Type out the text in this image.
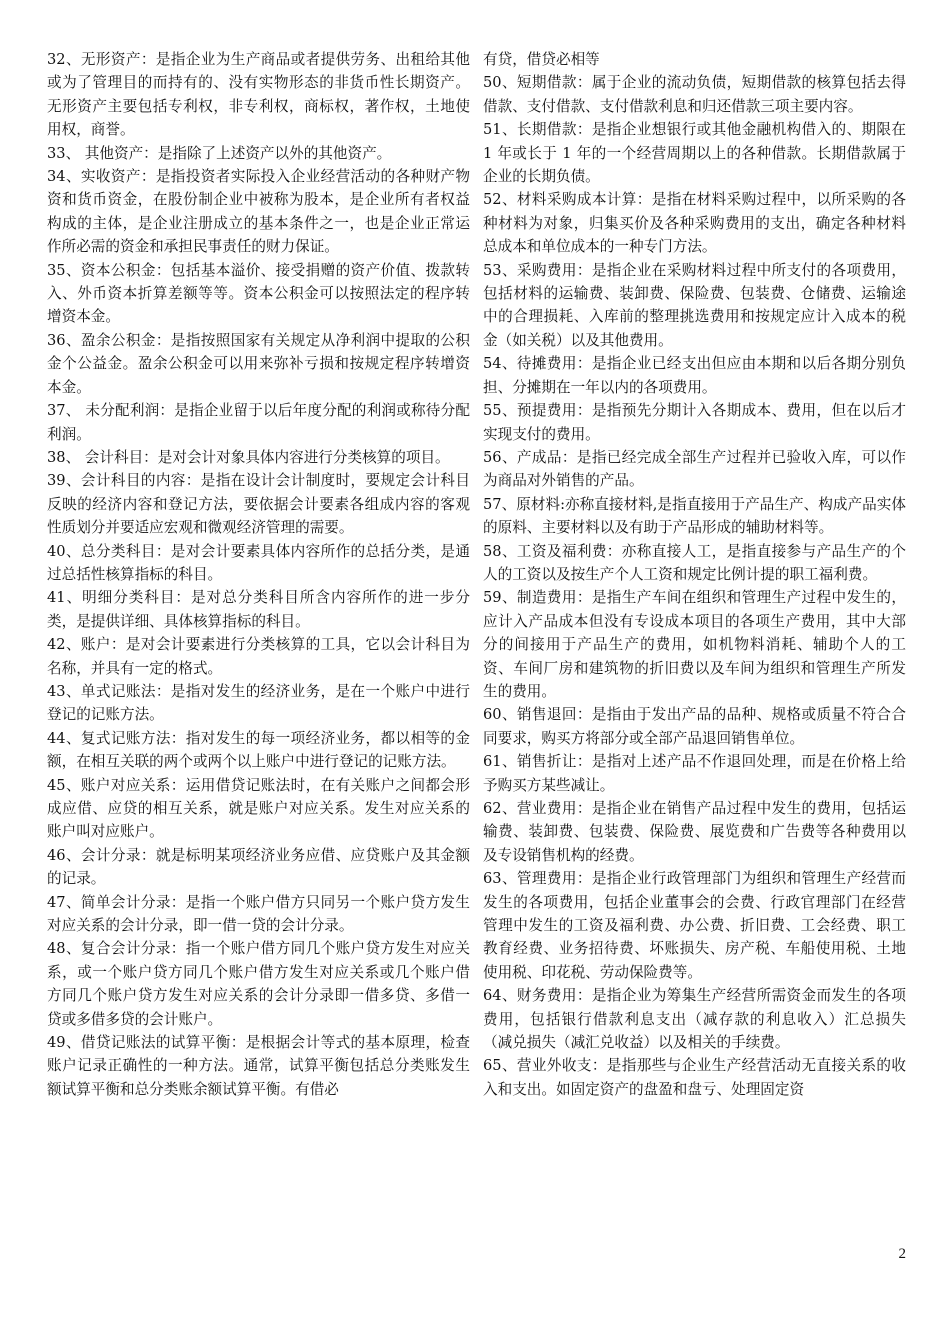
32、无形资产：是指企业为生产商品或者提供劳务、出租给其他或为了管理目的而持有的、没有实物形态的非货币性长期资产。无形资产主要包括专利权，非专利权，商标权，著作权，土地使用权，商誉。

33、 其他资产：是指除了上述资产以外的其他资产。

34、实收资产：是指投资者实际投入企业经营活动的各种财产物资和货币资金，在股份制企业中被称为股本，是企业所有者权益构成的主体，是企业注册成立的基本条件之一，也是企业正常运作所必需的资金和承担民事责任的财力保证。

35、资本公积金：包括基本溢价、接受捐赠的资产价值、拨款转入、外币资本折算差额等等。资本公积金可以按照法定的程序转增资本金。

36、盈余公积金：是指按照国家有关规定从净利润中提取的公积金个公益金。盈余公积金可以用来弥补亏损和按规定程序转增资本金。

37、 未分配利润：是指企业留于以后年度分配的利润或称待分配利润。

38、 会计科目：是对会计对象具体内容进行分类核算的项目。

39、会计科目的内容：是指在设计会计制度时，要规定会计科目反映的经济内容和登记方法，要依据会计要素各组成内容的客观性质划分并要适应宏观和微观经济管理的需要。

40、总分类科目：是对会计要素具体内容所作的总括分类，是通过总括性核算指标的科目。

41、明细分类科目：是对总分类科目所含内容所作的进一步分类，是提供详细、具体核算指标的科目。

42、账户：是对会计要素进行分类核算的工具，它以会计科目为名称，并具有一定的格式。

43、单式记账法：是指对发生的经济业务，是在一个账户中进行登记的记账方法。

44、复式记账方法：指对发生的每一项经济业务，都以相等的金额，在相互关联的两个或两个以上账户中进行登记的记账方法。

45、账户对应关系：运用借贷记账法时，在有关账户之间都会形成应借、应贷的相互关系，就是账户对应关系。发生对应关系的账户叫对应账户。

46、会计分录：就是标明某项经济业务应借、应贷账户及其金额的记录。

47、简单会计分录：是指一个账户借方只同另一个账户贷方发生对应关系的会计分录，即一借一贷的会计分录。

48、复合会计分录：指一个账户借方同几个账户贷方发生对应关系，或一个账户贷方同几个账户借方发生对应关系或几个账户借方同几个账户贷方发生对应关系的会计分录即一借多贷、多借一贷或多借多贷的会计账户。

49、借贷记账法的试算平衡：是根据会计等式的基本原理，检查账户记录正确性的一种方法。通常，试算平衡包括总分类账发生额试算平衡和总分类账余额试算平衡。有借必

有贷，借贷必相等

50、短期借款：属于企业的流动负债，短期借款的核算包括去得借款、支付借款、支付借款利息和归还借款三项主要内容。

51、长期借款：是指企业想银行或其他金融机构借入的、期限在 1 年或长于 1 年的一个经营周期以上的各种借款。长期借款属于企业的长期负债。

52、材料采购成本计算：是指在材料采购过程中，以所采购的各种材料为对象，归集买价及各种采购费用的支出，确定各种材料总成本和单位成本的一种专门方法。

53、采购费用：是指企业在采购材料过程中所支付的各项费用，包括材料的运输费、装卸费、保险费、包装费、仓储费、运输途中的合理损耗、入库前的整理挑选费用和按规定应计入成本的税金（如关税）以及其他费用。

54、待摊费用：是指企业已经支出但应由本期和以后各期分别负担、分摊期在一年以内的各项费用。

55、预提费用：是指预先分期计入各期成本、费用，但在以后才实现支付的费用。

56、产成品：是指已经完成全部生产过程并已验收入库，可以作为商品对外销售的产品。

57、原材料:亦称直接材料,是指直接用于产品生产、构成产品实体的原料、主要材料以及有助于产品形成的辅助材料等。

58、工资及福利费：亦称直接人工，是指直接参与产品生产的个人的工资以及按生产个人工资和规定比例计提的职工福利费。

59、制造费用：是指生产车间在组织和管理生产过程中发生的，应计入产品成本但没有专设成本项目的各项生产费用，其中大部分的间接用于产品生产的费用，如机物料消耗、辅助个人的工资、车间厂房和建筑物的折旧费以及车间为组织和管理生产所发生的费用。

60、销售退回：是指由于发出产品的品种、规格或质量不符合合同要求，购买方将部分或全部产品退回销售单位。

61、销售折让：是指对上述产品不作退回处理，而是在价格上给予购买方某些减让。

62、营业费用：是指企业在销售产品过程中发生的费用，包括运输费、装卸费、包装费、保险费、展览费和广告费等各种费用以及专设销售机构的经费。

63、管理费用：是指企业行政管理部门为组织和管理生产经营而发生的各项费用，包括企业董事会的会费、行政官理部门在经营管理中发生的工资及福利费、办公费、折旧费、工会经费、职工教育经费、业务招待费、坏账损失、房产税、车船使用税、土地使用税、印花税、劳动保险费等。

64、财务费用：是指企业为筹集生产经营所需资金而发生的各项费用，包括银行借款利息支出（减存款的利息收入）汇总损失（减兑损失（减汇兑收益）以及相关的手续费。

65、营业外收支：是指那些与企业生产经营活动无直接关系的收入和支出。如固定资产的盘盈和盘亏、处理固定资

2
